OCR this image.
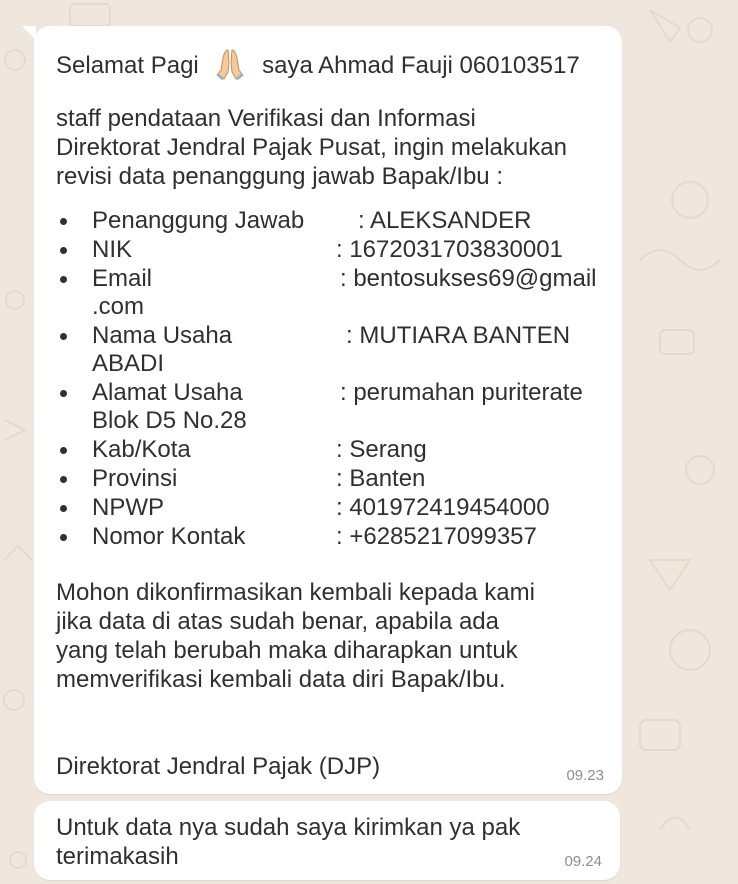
Selamat Pagi	saya Ahmad Fauji 060103517
staff pendataan Verifikasi dan Informasi
Direktorat Jendral Pajak Pusat, ingin melakukan
revisi data penanggung jawab Bapak/Ibu :
Penanggung Jawab : ALEKSANDER
NIK	: 1672031703830001
Email	: bentosukses69@gmail
.com
Nama Usaha	: MUTIARA BANTEN
ABADI
Alamat Usaha	: perumahan puriterate
Blok D5 No.28
Kab/Kota	: Serang
Provinsi	: Banten
NPWP	: 401972419454000
Nomor Kontak	: +6285217099357
Mohon dikonfirmasikan kembali kepada kami
jika data di atas sudah benar, apabila ada
yang telah berubah maka diharapkan untuk
memverifikasi kembali data diri Bapak/Ibu.
Direktorat Jendral Pajak (DJP)	09.23
Untuk data nya sudah saya kirimkan ya pak
terimakasih	09.24
